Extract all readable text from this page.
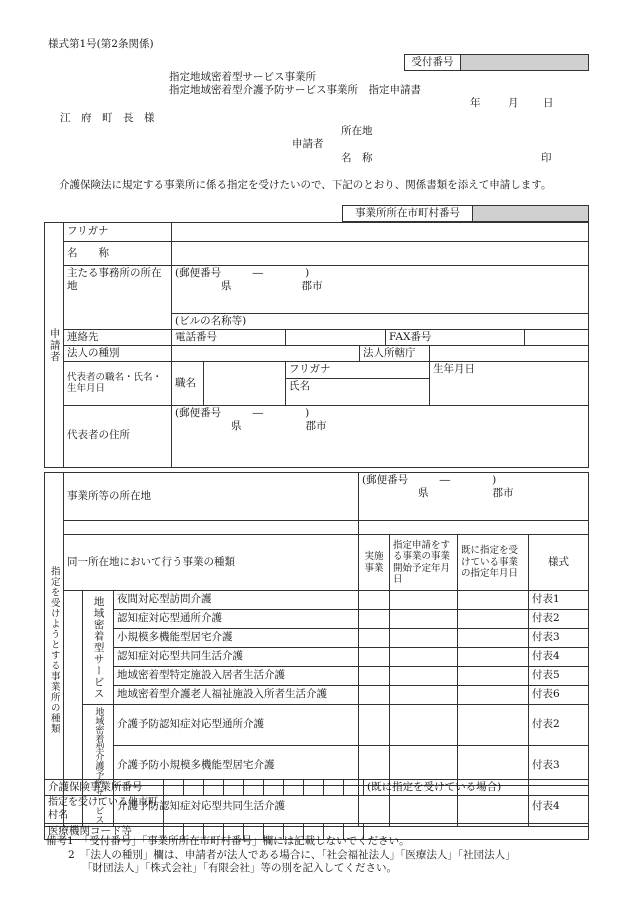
様式第1号(第2条関係)
受付番号	
指定地域密着型サービス事業所
指定地域密着型介護予防サービス事業所　指定申請書
年	月 日
江　府　町　長　様
所在地
申請者
名　称	印
介護保険法に規定する事業所に係る指定を受けたいので、下記のとおり、関係書類を添えて申請します。
事業所所在市町村番号	
申請者	フリガナ							
	名　　称							
	主たる事務所の所在地	(郵便番号　　　―　　　　)
県 郡市						

		(ビルの名称等)						
	連絡先	電話番号				FAX番号		
	法人の種別				法人所轄庁			
	代表者の職名・氏名・生年月日	職名		フリガナ			生年月日	
				氏名				
	代表者の住所	(郵便番号　　　―　　　　)
県 郡市						
指定を受けようとする事業所の種類	事業所等の所在地			(郵便番号　　　―　　　　)
県 郡市			

	同一所在地において行う事業の種類			実施事業	指定申請をする事業の事業開始予定年月日	既に指定を受けている事業の指定年月日	様式
		地域密着型サービス	夜間対応型訪問介護				付表1
			認知症対応型通所介護				付表2
			小規模多機能型居宅介護				付表3
			認知症対応型共同生活介護				付表4
			地域密着型特定施設入居者生活介護				付表5
			地域密着型介護老人福祉施設入所者生活介護				付表6
		地域密着型介護予防サービス	介護予防認知症対応型通所介護				付表2
			介護予防小規模多機能型居宅介護				付表3
			介護予防認知症対応型共同生活介護				付表4
介護保険事業所番号											(既に指定を受けている場合)
指定を受けている他市町村名											
医療機関コード等											
備考1　「受付番号」「事業所所在市町村番号」欄には記載しないでください。
2　「法人の種別」欄は、申請者が法人である場合に、「社会福祉法人」「医療法人」「社団法人」
「財団法人」「株式会社」「有限会社」等の別を記入してください。
